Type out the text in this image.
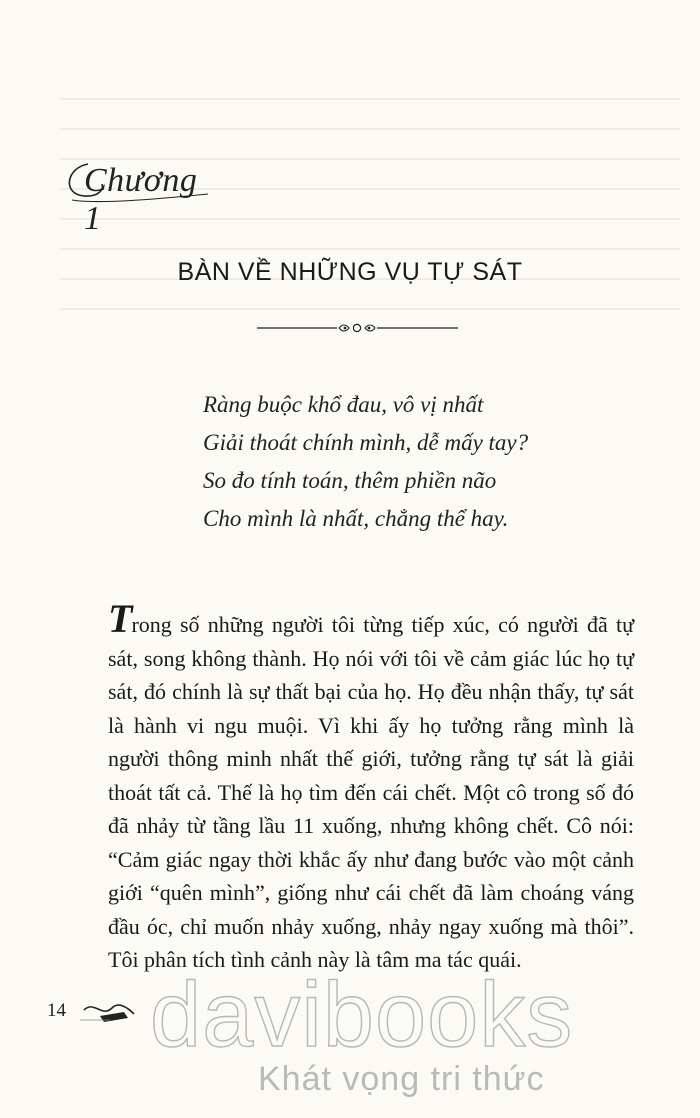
Chương 1
BÀN VỀ NHỮNG VỤ TỰ SÁT
Ràng buộc khổ đau, vô vị nhất
Giải thoát chính mình, dễ mấy tay?
So đo tính toán, thêm phiền não
Cho mình là nhất, chẳng thể hay.
Trong số những người tôi từng tiếp xúc, có người đã tự sát, song không thành. Họ nói với tôi về cảm giác lúc họ tự sát, đó chính là sự thất bại của họ. Họ đều nhận thấy, tự sát là hành vi ngu muội. Vì khi ấy họ tưởng rằng mình là người thông minh nhất thế giới, tưởng rằng tự sát là giải thoát tất cả. Thế là họ tìm đến cái chết. Một cô trong số đó đã nhảy từ tầng lầu 11 xuống, nhưng không chết. Cô nói: “Cảm giác ngay thời khắc ấy như đang bước vào một cảnh giới “quên mình”, giống như cái chết đã làm choáng váng đầu óc, chỉ muốn nhảy xuống, nhảy ngay xuống mà thôi”. Tôi phân tích tình cảnh này là tâm ma tác quái.
14 davibooks
Khát vọng tri thức
